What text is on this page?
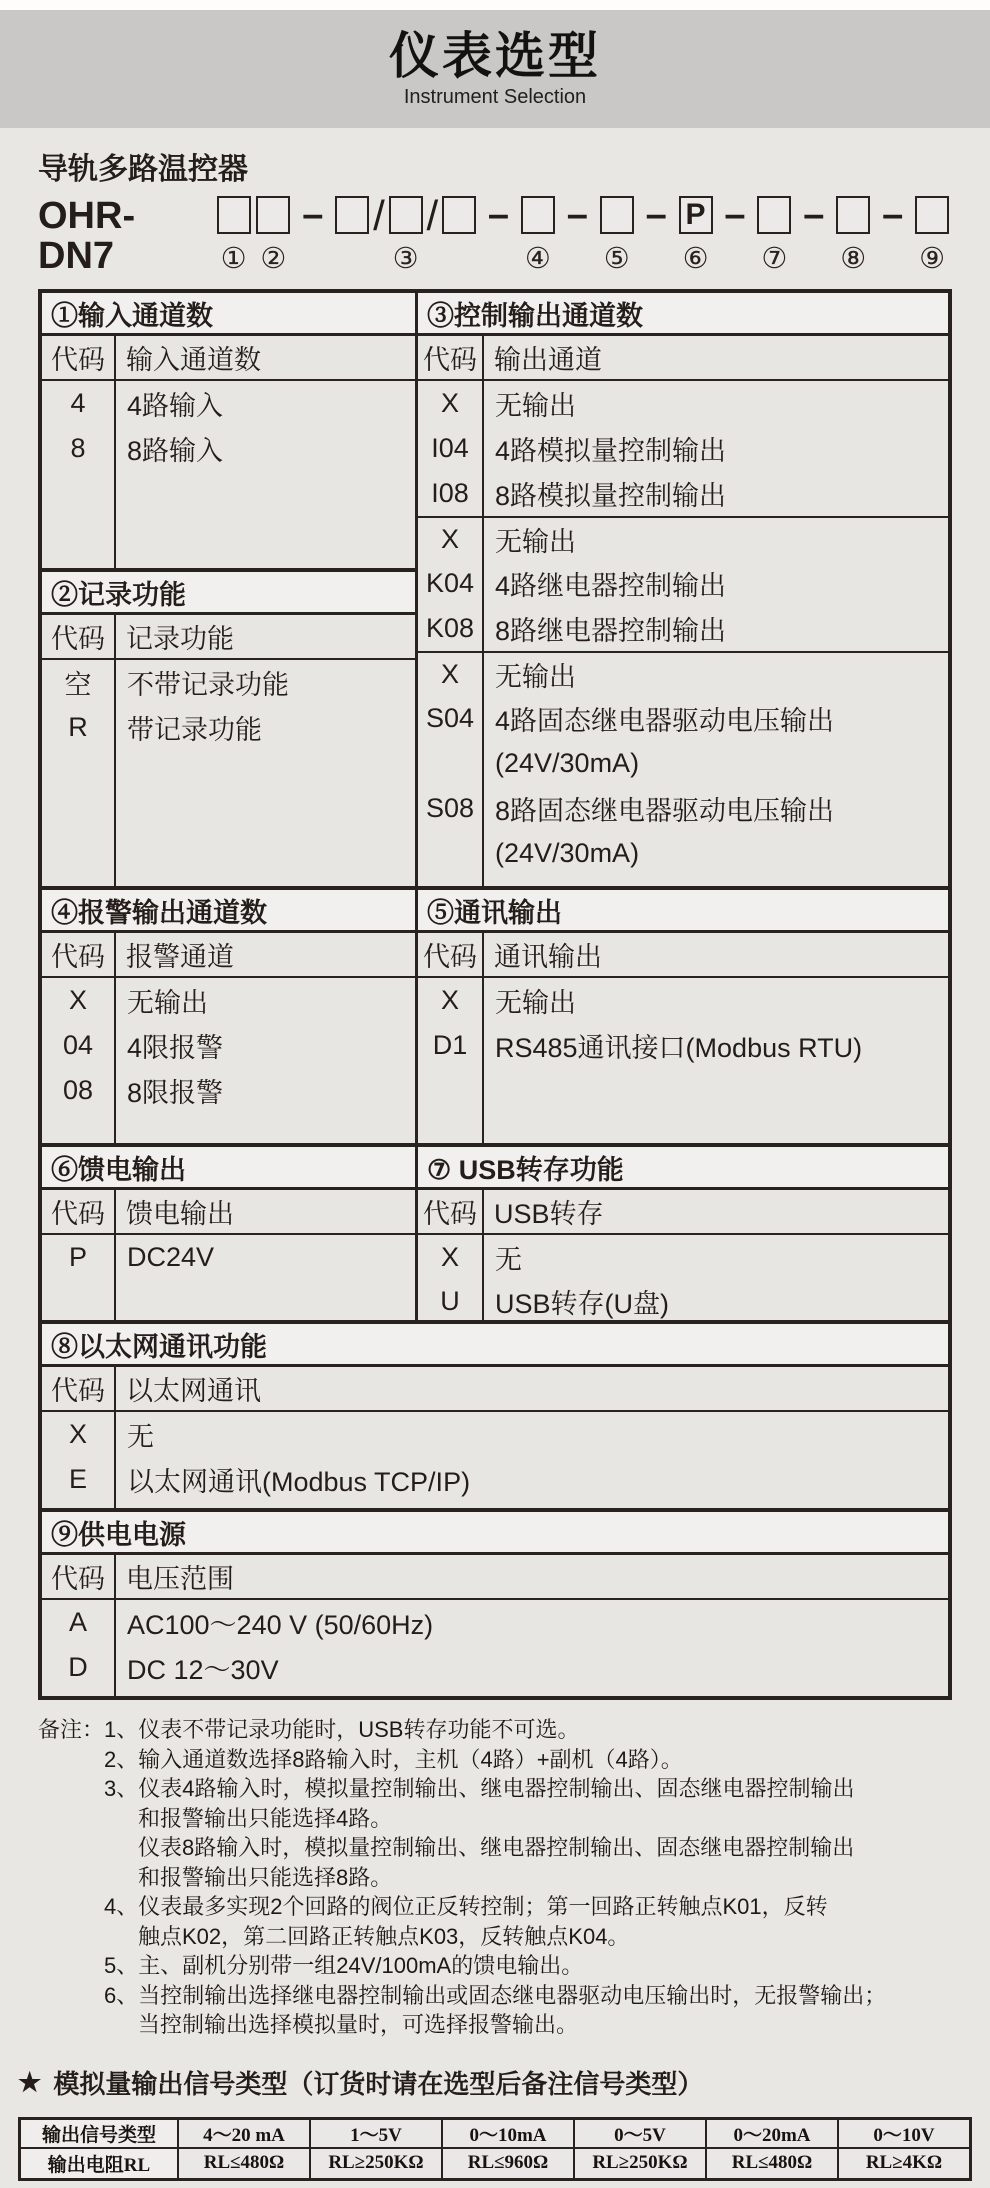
仪表选型
Instrument Selection
导轨多路温控器
OHR-DN7	① ②
– /
③
/ –
④
–
⑤
– P
⑥
–
⑦
–
⑧
–
⑨
①输入通道数
代码 输入通道数
4	4路输入
8	8路输入
②记录功能
代码 记录功能
空	不带记录功能
R	带记录功能
③控制输出通道数
代码 输出通道
X	无输出
I04 4路模拟量控制输出
I08 8路模拟量控制输出
X	无输出
K04 4路继电器控制输出
K08 8路继电器控制输出
X	无输出
S04 4路固态继电器驱动电压输出
(24V/30mA)
S08 8路固态继电器驱动电压输出
(24V/30mA)
④报警输出通道数
代码 报警通道
X	无输出
04	4限报警
08	8限报警
⑤通讯输出
代码 通讯输出
X	无输出
D1	RS485通讯接口(Modbus RTU)
⑥馈电输出
代码 馈电输出
P	DC24V
⑦ USB转存功能
代码 USB转存
X	无
U	USB转存(U盘)
⑧以太网通讯功能
代码 以太网通讯
X	无
E	以太网通讯(Modbus TCP/IP)
⑨供电电源
代码 电压范围
A	AC100～240 V (50/60Hz)
D	DC 12～30V
备注：1、仪表不带记录功能时，USB转存功能不可选。
2、输入通道数选择8路输入时，主机（4路）+副机（4路）。
3、仪表4路输入时，模拟量控制输出、继电器控制输出、固态继电器控制输出
和报警输出只能选择4路。
仪表8路输入时，模拟量控制输出、继电器控制输出、固态继电器控制输出
和报警输出只能选择8路。
4、仪表最多实现2个回路的阀位正反转控制；第一回路正转触点K01，反转
触点K02，第二回路正转触点K03，反转触点K04。
5、主、副机分别带一组24V/100mA的馈电输出。
6、当控制输出选择继电器控制输出或固态继电器驱动电压输出时，无报警输出；
当控制输出选择模拟量时，可选择报警输出。
★ 模拟量输出信号类型（订货时请在选型后备注信号类型）
输出信号类型	4～20 mA	1～5V	0～10mA	0～5V	0～20mA	0～10V
输出电阻RL	RL≤480Ω	RL≥250KΩ	RL≤960Ω	RL≥250KΩ	RL≤480Ω	RL≥4KΩ
